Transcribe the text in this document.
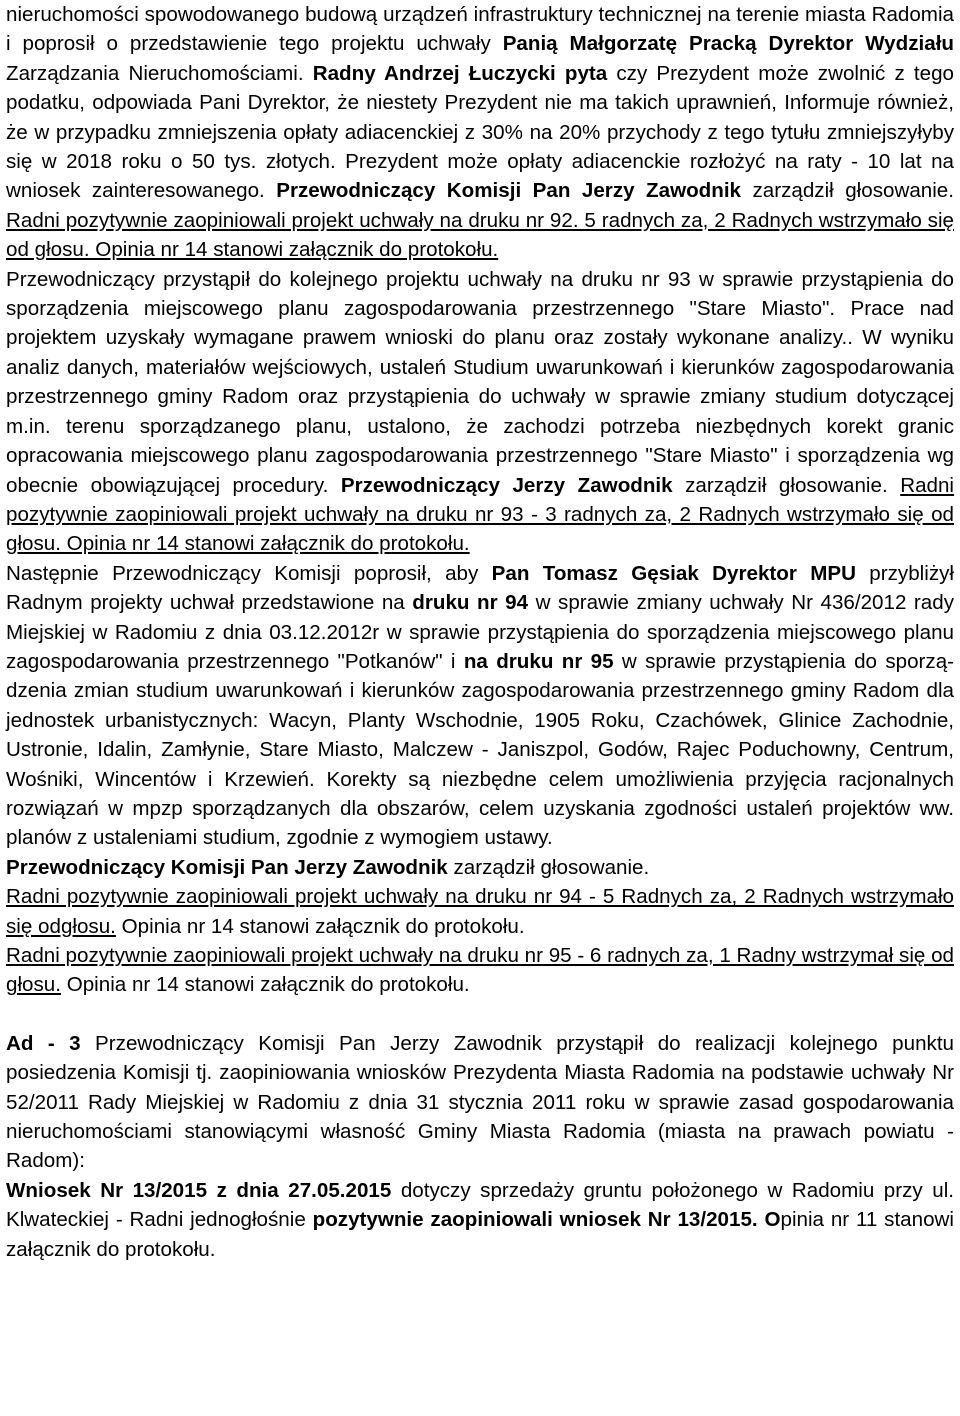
nieruchomości spowodowanego budową urządzeń infrastruktury technicznej na terenie miasta Radomia i poprosił o przedstawienie tego projektu uchwały Panią Małgorzatę Pracką Dyrektor Wydziału Zarządzania Nieruchomościami. Radny Andrzej Łuczycki pyta czy Prezydent może zwolnić z tego podatku, odpowiada Pani Dyrektor, że niestety Prezydent nie ma takich uprawnień, Informuje również, że w przypadku zmniejszenia opłaty adiacenckiej z 30% na 20% przychody z tego tytułu zmniejszyłyby się w 2018 roku o 50 tys. złotych. Prezydent może opłaty adiacenckie rozłożyć na raty - 10 lat na wniosek zainteresowanego. Przewodniczący Komisji Pan Jerzy Zawodnik zarządził głosowanie. Radni pozytywnie zaopiniowali projekt uchwały na druku nr 92. 5 radnych za, 2 Radnych wstrzymało się od głosu. Opinia nr 14 stanowi załącznik do protokołu.

Przewodniczący przystąpił do kolejnego projektu uchwały na druku nr 93 w sprawie przystąpienia do sporządzenia miejscowego planu zagospodarowania przestrzennego "Stare Miasto". Prace nad projektem uzyskały wymagane prawem wnioski do planu oraz zostały wykonane analizy.. W wyniku analiz danych, materiałów wejściowych, ustaleń Studium uwarunkowań i kierunków zagospodarowania przestrzennego gminy Radom oraz przystąpienia do uchwały w sprawie zmiany studium dotyczącej m.in. terenu sporządzanego planu, ustalono, że zachodzi potrzeba niezbędnych korekt granic opracowania miejscowego planu zagospodarowania przestrzennego "Stare Miasto" i sporządzenia wg obecnie obowiązującej procedury. Przewodniczący Jerzy Zawodnik zarządził głosowanie. Radni pozytywnie zaopiniowali projekt uchwały na druku nr 93 - 3 radnych za, 2 Radnych wstrzymało się od głosu. Opinia nr 14 stanowi załącznik do protokołu.

Następnie Przewodniczący Komisji poprosił, aby Pan Tomasz Gęsiak Dyrektor MPU przybliżył Radnym projekty uchwał przedstawione na druku nr 94 w sprawie zmiany uchwały Nr 436/2012 rady Miejskiej w Radomiu z dnia 03.12.2012r w sprawie przystąpienia do sporządzenia miejscowego planu zagospodarowania przestrzennego "Potkanów" i na druku nr 95 w sprawie przystąpienia do sporzą-dzenia zmian studium uwarunkowań i kierunków zagospodarowania przestrzennego gminy Radom dla jednostek urbanistycznych: Wacyn, Planty Wschodnie, 1905 Roku, Czachówek, Glinice Zachodnie, Ustronie, Idalin, Zamłynie, Stare Miasto, Malczew - Janiszpol, Godów, Rajec Poduchowny, Centrum, Wośniki, Wincentów i Krzewień. Korekty są niezbędne celem umożliwienia przyjęcia racjonalnych rozwiązań w mpzp sporządzanych dla obszarów, celem uzyskania zgodności ustaleń projektów ww. planów z ustaleniami studium, zgodnie z wymogiem ustawy.

Przewodniczący Komisji Pan Jerzy Zawodnik zarządził głosowanie.

Radni pozytywnie zaopiniowali projekt uchwały na druku nr 94 - 5 Radnych za, 2 Radnych wstrzymało się odgłosu. Opinia nr 14 stanowi załącznik do protokołu.

Radni pozytywnie zaopiniowali projekt uchwały na druku nr 95 - 6 radnych za, 1 Radny wstrzymał się od głosu. Opinia nr 14 stanowi załącznik do protokołu.

Ad - 3 Przewodniczący Komisji Pan Jerzy Zawodnik przystąpił do realizacji kolejnego punktu posiedzenia Komisji tj. zaopiniowania wniosków Prezydenta Miasta Radomia na podstawie uchwały Nr 52/2011 Rady Miejskiej w Radomiu z dnia 31 stycznia 2011 roku w sprawie zasad gospodarowania nieruchomościami stanowiącymi własność Gminy Miasta Radomia (miasta na prawach powiatu - Radom):

Wniosek Nr 13/2015 z dnia 27.05.2015 dotyczy sprzedaży gruntu położonego w Radomiu przy ul. Klwateckiej - Radni jednogłośnie pozytywnie zaopiniowali wniosek Nr 13/2015. Opinia nr 11 stanowi załącznik do protokołu.
